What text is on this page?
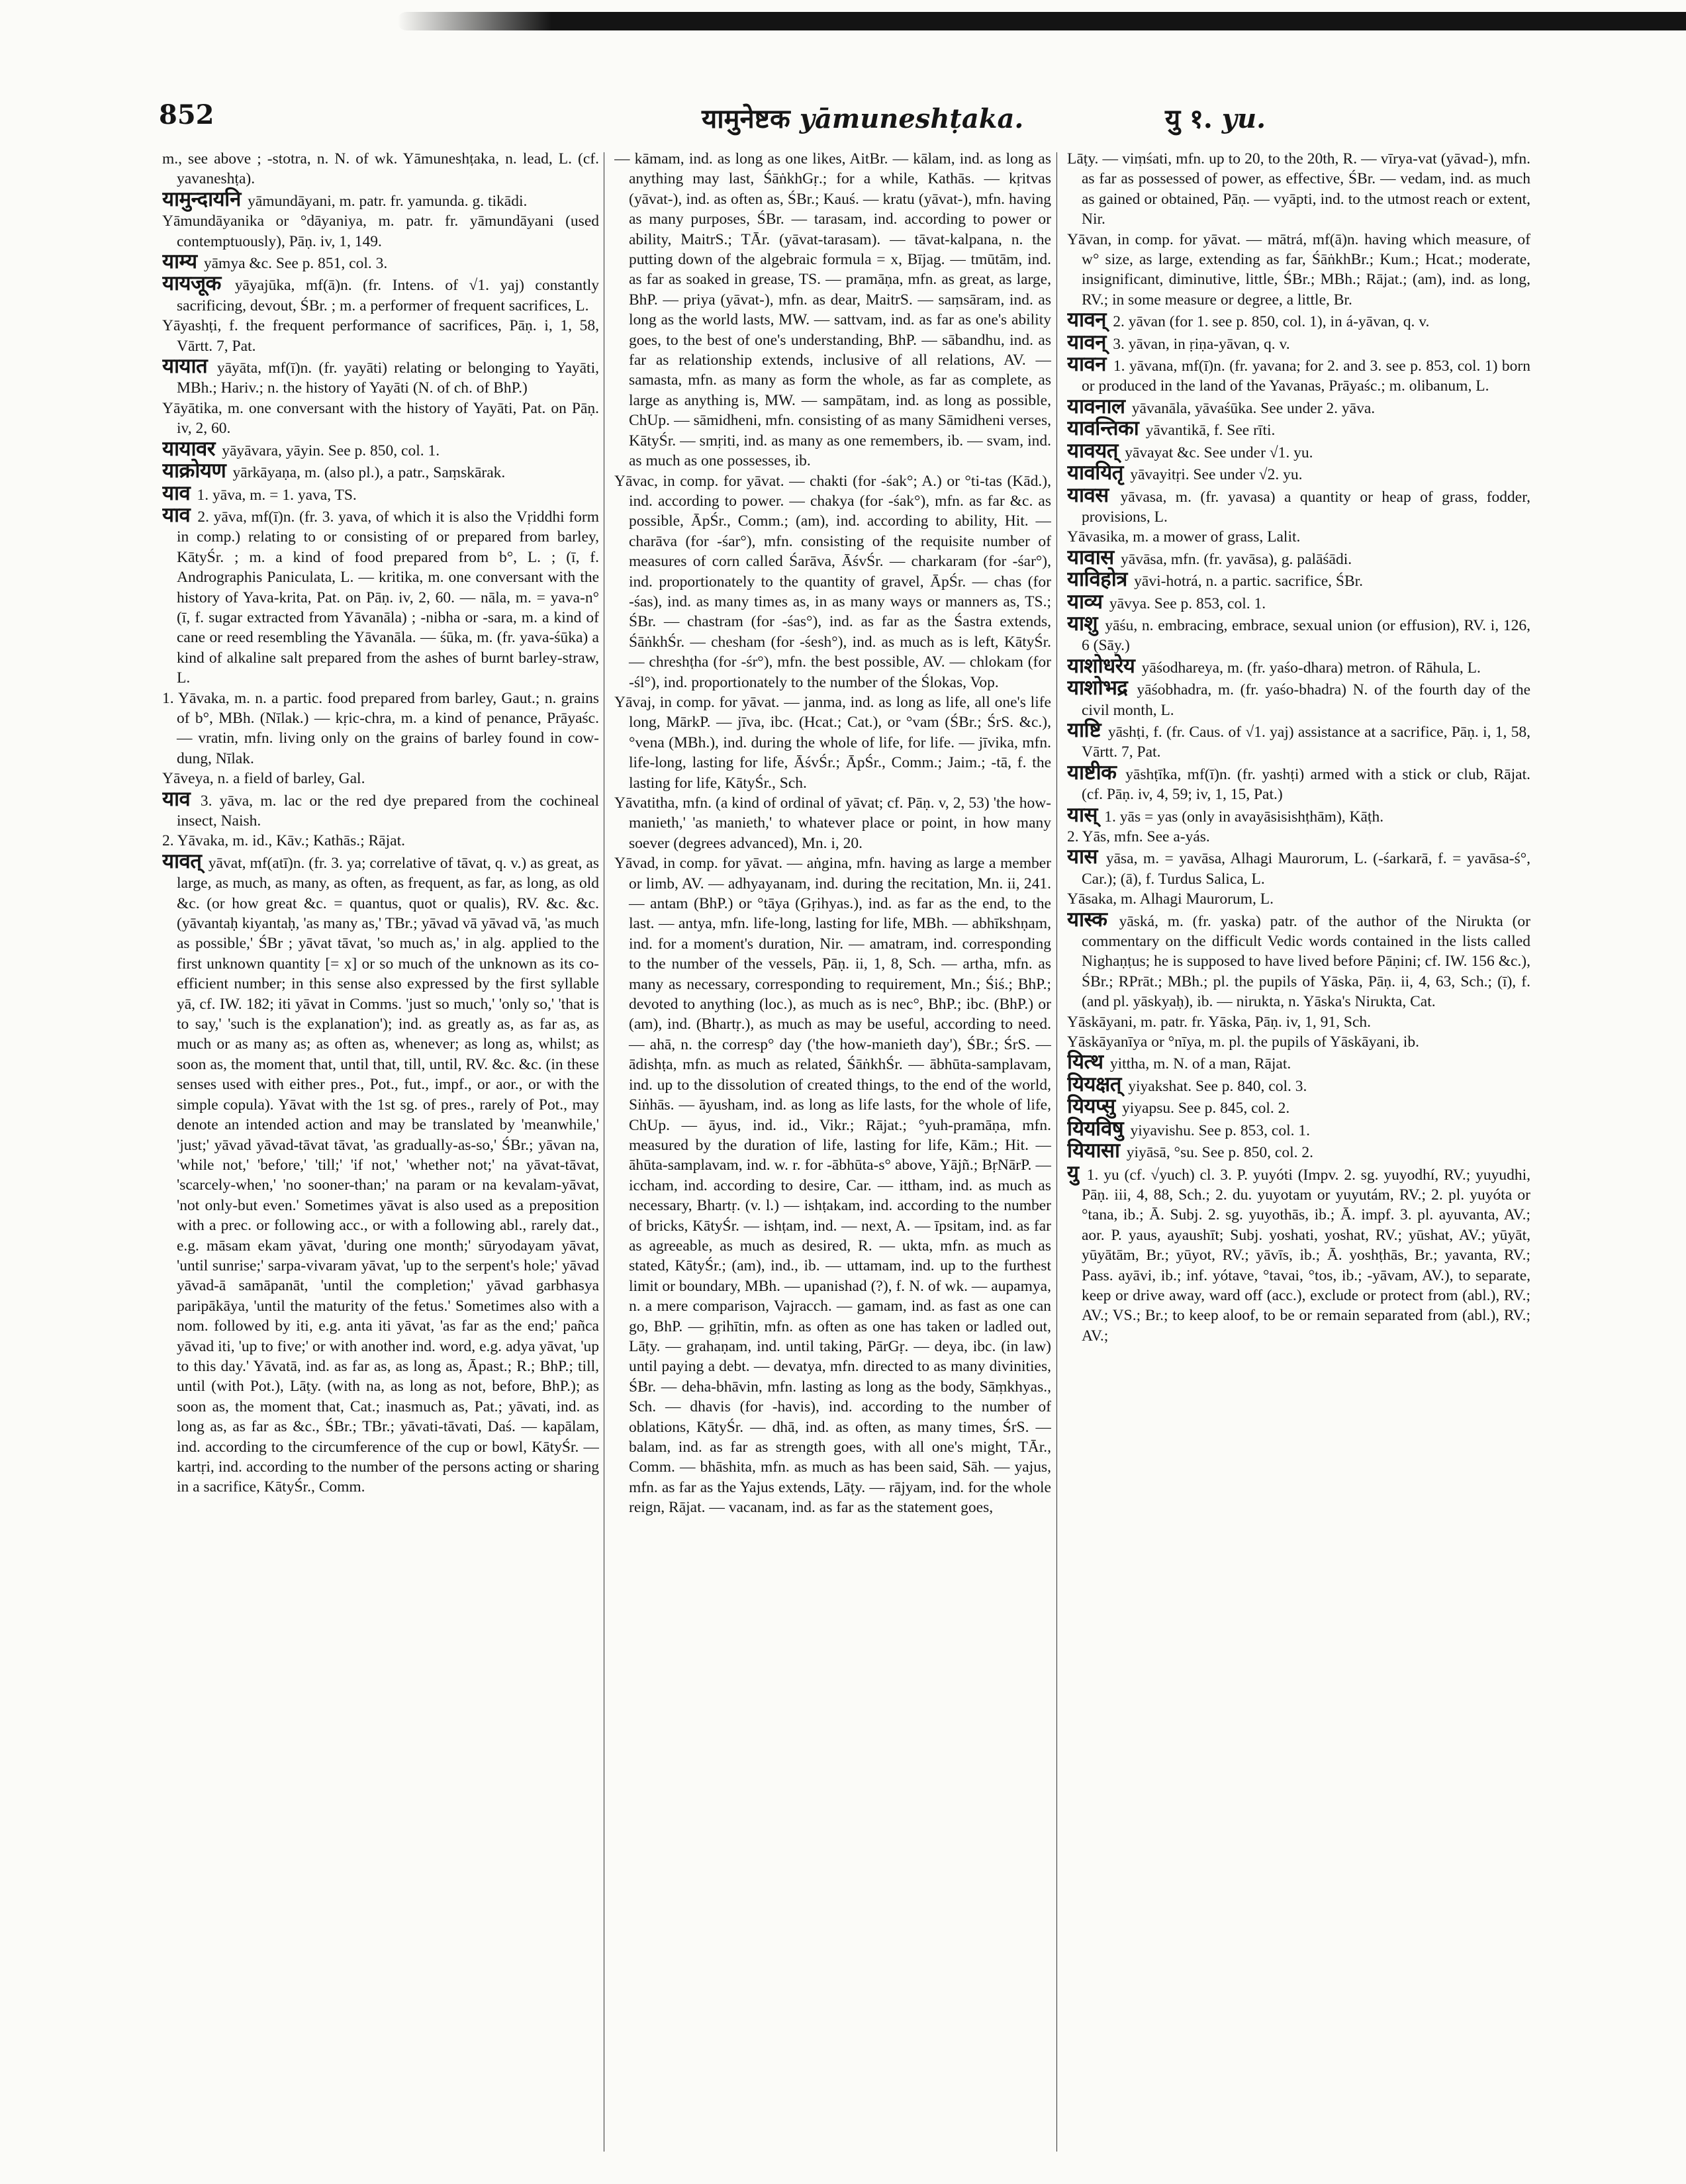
852	यामुनेष्टक yāmuneshṭaka.	यु १. yu.

m., see above ; -stotra, n. N. of wk. Yāmuneshṭaka, n. lead, L. (cf. yavaneshṭa).

यामुन्दायनि yāmundāyani, m. patr. fr. yamunda. g. tikādi.

Yāmundāyanika or °dāyaniya, m. patr. fr. yāmundāyani (used contemptuously), Pāṇ. iv, 1, 149.

याम्य yāmya &c. See p. 851, col. 3.

यायजूक yāyajūka, mf(ā)n. (fr. Intens. of √1. yaj) constantly sacrificing, devout, ŚBr. ; m. a performer of frequent sacrifices, L.

Yāyashṭi, f. the frequent performance of sacrifices, Pāṇ. i, 1, 58, Vārtt. 7, Pat.

यायात yāyāta, mf(ī)n. (fr. yayāti) relating or belonging to Yayāti, MBh.; Hariv.; n. the history of Yayāti (N. of ch. of BhP.)

Yāyātika, m. one conversant with the history of Yayāti, Pat. on Pāṇ. iv, 2, 60.

यायावर yāyāvara, yāyin. See p. 850, col. 1.

याक्रोयण yārkāyaṇa, m. (also pl.), a patr., Saṃskārak.

याव 1. yāva, m. = 1. yava, TS.

याव 2. yāva, mf(ī)n. (fr. 3. yava, of which it is also the Vṛiddhi form in comp.) relating to or consisting of or prepared from barley, KātyŚr. ; m. a kind of food prepared from b°, L. ; (ī, f. Andrographis Paniculata, L. — kritika, m. one conversant with the history of Yava-krita, Pat. on Pāṇ. iv, 2, 60. — nāla, m. = yava-n° (ī, f. sugar extracted from Yāvanāla) ; -nibha or -sara, m. a kind of cane or reed resembling the Yāvanāla. — śūka, m. (fr. yava-śūka) a kind of alkaline salt prepared from the ashes of burnt barley-straw, L.

1. Yāvaka, m. n. a partic. food prepared from barley, Gaut.; n. grains of b°, MBh. (Nīlak.) — kṛic-chra, m. a kind of penance, Prāyaśc. — vratin, mfn. living only on the grains of barley found in cow-dung, Nīlak.

Yāveya, n. a field of barley, Gal.

याव 3. yāva, m. lac or the red dye prepared from the cochineal insect, Naish.

2. Yāvaka, m. id., Kāv.; Kathās.; Rājat.

यावत् yāvat, mf(atī)n. (fr. 3. ya; correlative of tāvat, q. v.) as great, as large, as much, as many, as often, as frequent, as far, as long, as old &c. (or how great &c. = quantus, quot or qualis), RV. &c. &c. (yāvantaḥ kiyantaḥ, 'as many as,' TBr.; yāvad vā yāvad vā, 'as much as possible,' ŚBr ; yāvat tāvat, 'so much as,' in alg. applied to the first unknown quantity [= x] or so much of the unknown as its co-efficient number; in this sense also expressed by the first syllable yā, cf. IW. 182; iti yāvat in Comms. 'just so much,' 'only so,' 'that is to say,' 'such is the explanation'); ind. as greatly as, as far as, as much or as many as; as often as, whenever; as long as, whilst; as soon as, the moment that, until that, till, until, RV. &c. &c. (in these senses used with either pres., Pot., fut., impf., or aor., or with the simple copula). Yāvat with the 1st sg. of pres., rarely of Pot., may denote an intended action and may be translated by 'meanwhile,' 'just;' yāvad yāvad-tāvat tāvat, 'as gradually-as-so,' ŚBr.; yāvan na, 'while not,' 'before,' 'till;' 'if not,' 'whether not;' na yāvat-tāvat, 'scarcely-when,' 'no sooner-than;' na param or na kevalam-yāvat, 'not only-but even.' Sometimes yāvat is also used as a preposition with a prec. or following acc., or with a following abl., rarely dat., e.g. māsam ekam yāvat, 'during one month;' sūryodayam yāvat, 'until sunrise;' sarpa-vivaram yāvat, 'up to the serpent's hole;' yāvad yāvad-ā samāpanāt, 'until the completion;' yāvad garbhasya paripākāya, 'until the maturity of the fetus.' Sometimes also with a nom. followed by iti, e.g. anta iti yāvat, 'as far as the end;' pañca yāvad iti, 'up to five;' or with another ind. word, e.g. adya yāvat, 'up to this day.' Yāvatā, ind. as far as, as long as, Āpast.; R.; BhP.; till, until (with Pot.), Lāṭy. (with na, as long as not, before, BhP.); as soon as, the moment that, Cat.; inasmuch as, Pat.; yāvati, ind. as long as, as far as &c., ŚBr.; TBr.; yāvati-tāvati, Daś. — kapālam, ind. according to the circumference of the cup or bowl, KātyŚr. — kartṛi, ind. according to the number of the persons acting or sharing in a sacrifice, KātyŚr., Comm.

— kāmam, ind. as long as one likes, AitBr. — kālam, ind. as long as anything may last, ŚāṅkhGṛ.; for a while, Kathās. — kṛitvas (yāvat-), ind. as often as, ŚBr.; Kauś. — kratu (yāvat-), mfn. having as many purposes, ŚBr. — tarasam, ind. according to power or ability, MaitrS.; TĀr. (yāvat-tarasam). — tāvat-kalpana, n. the putting down of the algebraic formula = x, Bījag. — tmūtām, ind. as far as soaked in grease, TS. — pramāṇa, mfn. as great, as large, BhP. — priya (yāvat-), mfn. as dear, MaitrS. — saṃsāram, ind. as long as the world lasts, MW. — sattvam, ind. as far as one's ability goes, to the best of one's understanding, BhP. — sābandhu, ind. as far as relationship extends, inclusive of all relations, AV. — samasta, mfn. as many as form the whole, as far as complete, as large as anything is, MW. — sampātam, ind. as long as possible, ChUp. — sāmidheni, mfn. consisting of as many Sāmidheni verses, KātyŚr. — smṛiti, ind. as many as one remembers, ib. — svam, ind. as much as one possesses, ib.

Yāvac, in comp. for yāvat. — chakti (for -śak°; A.) or °ti-tas (Kād.), ind. according to power. — chakya (for -śak°), mfn. as far &c. as possible, ĀpŚr., Comm.; (am), ind. according to ability, Hit. — charāva (for -śar°), mfn. consisting of the requisite number of measures of corn called Śarāva, ĀśvŚr. — charkaram (for -śar°), ind. proportionately to the quantity of gravel, ĀpŚr. — chas (for -śas), ind. as many times as, in as many ways or manners as, TS.; ŚBr. — chastram (for -śas°), ind. as far as the Śastra extends, ŚāṅkhŚr. — chesham (for -śesh°), ind. as much as is left, KātyŚr. — chreshṭha (for -śr°), mfn. the best possible, AV. — chlokam (for -śl°), ind. proportionately to the number of the Ślokas, Vop.

Yāvaj, in comp. for yāvat. — janma, ind. as long as life, all one's life long, MārkP. — jīva, ibc. (Hcat.; Cat.), or °vam (ŚBr.; ŚrS. &c.), °vena (MBh.), ind. during the whole of life, for life. — jīvika, mfn. life-long, lasting for life, ĀśvŚr.; ĀpŚr., Comm.; Jaim.; -tā, f. the lasting for life, KātyŚr., Sch.

Yāvatitha, mfn. (a kind of ordinal of yāvat; cf. Pāṇ. v, 2, 53) 'the how-manieth,' 'as manieth,' to whatever place or point, in how many soever (degrees advanced), Mn. i, 20.

Yāvad, in comp. for yāvat. — aṅgina, mfn. having as large a member or limb, AV. — adhyayanam, ind. during the recitation, Mn. ii, 241. — antam (BhP.) or °tāya (Gṛihyas.), ind. as far as the end, to the last. — antya, mfn. life-long, lasting for life, MBh. — abhīkshṇam, ind. for a moment's duration, Nir. — amatram, ind. corresponding to the number of the vessels, Pāṇ. ii, 1, 8, Sch. — artha, mfn. as many as necessary, corresponding to requirement, Mn.; Śiś.; BhP.; devoted to anything (loc.), as much as is nec°, BhP.; ibc. (BhP.) or (am), ind. (Bhartṛ.), as much as may be useful, according to need. — ahā, n. the corresp° day ('the how-manieth day'), ŚBr.; ŚrS. — ādishṭa, mfn. as much as related, ŚāṅkhŚr. — ābhūta-samplavam, ind. up to the dissolution of created things, to the end of the world, Siṅhās. — āyusham, ind. as long as life lasts, for the whole of life, ChUp. — āyus, ind. id., Vikr.; Rājat.; °yuh-pramāṇa, mfn. measured by the duration of life, lasting for life, Kām.; Hit. — āhūta-samplavam, ind. w. r. for -ābhūta-s° above, Yājñ.; BṛNārP. — iccham, ind. according to desire, Car. — ittham, ind. as much as necessary, Bhartṛ. (v. l.) — ishṭakam, ind. according to the number of bricks, KātyŚr. — ishṭam, ind. — next, A. — īpsitam, ind. as far as agreeable, as much as desired, R. — ukta, mfn. as much as stated, KātyŚr.; (am), ind., ib. — uttamam, ind. up to the furthest limit or boundary, MBh. — upanishad (?), f. N. of wk. — aupamya, n. a mere comparison, Vajracch. — gamam, ind. as fast as one can go, BhP. — gṛihītin, mfn. as often as one has taken or ladled out, Lāṭy. — grahaṇam, ind. until taking, PārGṛ. — deya, ibc. (in law) until paying a debt. — devatya, mfn. directed to as many divinities, ŚBr. — deha-bhāvin, mfn. lasting as long as the body, Sāṃkhyas., Sch. — dhavis (for -havis), ind. according to the number of oblations, KātyŚr. — dhā, ind. as often, as many times, ŚrS. — balam, ind. as far as strength goes, with all one's might, TĀr., Comm. — bhāshita, mfn. as much as has been said, Sāh. — yajus, mfn. as far as the Yajus extends, Lāṭy. — rājyam, ind. for the whole reign, Rājat. — vacanam, ind. as far as the statement goes,

Lāṭy. — viṃśati, mfn. up to 20, to the 20th, R. — vīrya-vat (yāvad-), mfn. as far as possessed of power, as effective, ŚBr. — vedam, ind. as much as gained or obtained, Pāṇ. — vyāpti, ind. to the utmost reach or extent, Nir.

Yāvan, in comp. for yāvat. — mātrá, mf(ā)n. having which measure, of w° size, as large, extending as far, ŚāṅkhBr.; Kum.; Hcat.; moderate, insignificant, diminutive, little, ŚBr.; MBh.; Rājat.; (am), ind. as long, RV.; in some measure or degree, a little, Br.

यावन् 2. yāvan (for 1. see p. 850, col. 1), in á-yāvan, q. v.

यावन् 3. yāvan, in ṛiṇa-yāvan, q. v.

यावन 1. yāvana, mf(ī)n. (fr. yavana; for 2. and 3. see p. 853, col. 1) born or produced in the land of the Yavanas, Prāyaśc.; m. olibanum, L.

यावनाल yāvanāla, yāvaśūka. See under 2. yāva.

यावन्तिका yāvantikā, f. See rīti.

यावयत् yāvayat &c. See under √1. yu.

यावयितृ yāvayitṛi. See under √2. yu.

यावस yāvasa, m. (fr. yavasa) a quantity or heap of grass, fodder, provisions, L.

Yāvasika, m. a mower of grass, Lalit.

यावास yāvāsa, mfn. (fr. yavāsa), g. palāśādi.

याविहोत्र yāvi-hotrá, n. a partic. sacrifice, ŚBr.

याव्य yāvya. See p. 853, col. 1.

याशु yāśu, n. embracing, embrace, sexual union (or effusion), RV. i, 126, 6 (Sāy.)

याशोधरेय yāśodhareya, m. (fr. yaśo-dhara) metron. of Rāhula, L.

याशोभद्र yāśobhadra, m. (fr. yaśo-bhadra) N. of the fourth day of the civil month, L.

याष्टि yāshṭi, f. (fr. Caus. of √1. yaj) assistance at a sacrifice, Pāṇ. i, 1, 58, Vārtt. 7, Pat.

याष्टीक yāshṭīka, mf(ī)n. (fr. yashṭi) armed with a stick or club, Rājat. (cf. Pāṇ. iv, 4, 59; iv, 1, 15, Pat.)

यास् 1. yās = yas (only in avayāsisishṭhām), Kāṭh.

2. Yās, mfn. See a-yás.

यास yāsa, m. = yavāsa, Alhagi Maurorum, L. (-śarkarā, f. = yavāsa-ś°, Car.); (ā), f. Turdus Salica, L.

Yāsaka, m. Alhagi Maurorum, L.

यास्क yāská, m. (fr. yaska) patr. of the author of the Nirukta (or commentary on the difficult Vedic words contained in the lists called Nighaṇṭus; he is supposed to have lived before Pāṇini; cf. IW. 156 &c.), ŚBr.; RPrāt.; MBh.; pl. the pupils of Yāska, Pāṇ. ii, 4, 63, Sch.; (ī), f. (and pl. yāskyaḥ), ib. — nirukta, n. Yāska's Nirukta, Cat.

Yāskāyani, m. patr. fr. Yāska, Pāṇ. iv, 1, 91, Sch.

Yāskāyanīya or °nīya, m. pl. the pupils of Yāskāyani, ib.

यित्थ yittha, m. N. of a man, Rājat.

यियक्षत् yiyakshat. See p. 840, col. 3.

यियप्सु yiyapsu. See p. 845, col. 2.

यियविषु yiyavishu. See p. 853, col. 1.

यियासा yiyāsā, °su. See p. 850, col. 2.

यु 1. yu (cf. √yuch) cl. 3. P. yuyóti (Impv. 2. sg. yuyodhí, RV.; yuyudhi, Pāṇ. iii, 4, 88, Sch.; 2. du. yuyotam or yuyutám, RV.; 2. pl. yuyóta or °tana, ib.; Ā. Subj. 2. sg. yuyothās, ib.; Ā. impf. 3. pl. ayuvanta, AV.; aor. P. yaus, ayaushīt; Subj. yoshati, yoshat, RV.; yūshat, AV.; yūyāt, yūyātām, Br.; yūyot, RV.; yāvīs, ib.; Ā. yoshṭhās, Br.; yavanta, RV.; Pass. ayāvi, ib.; inf. yótave, °tavai, °tos, ib.; -yāvam, AV.), to separate, keep or drive away, ward off (acc.), exclude or protect from (abl.), RV.; AV.; VS.; Br.; to keep aloof, to be or remain separated from (abl.), RV.; AV.;
